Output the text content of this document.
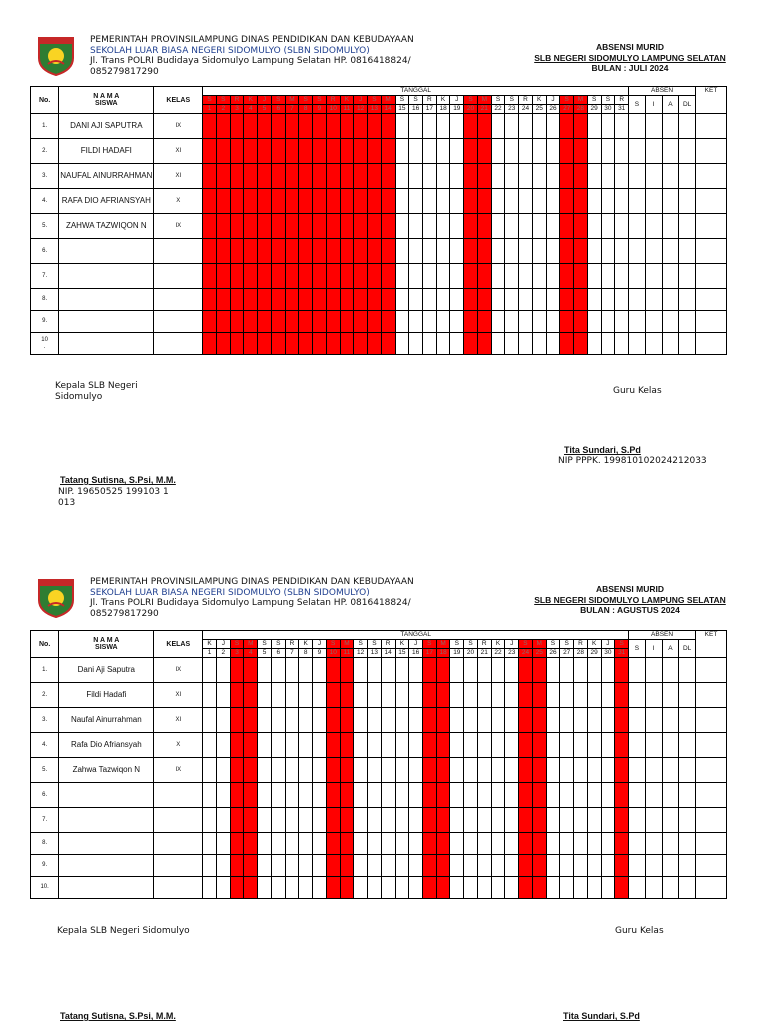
PEMERINTAH PROVINSILAMPUNG DINAS PENDIDIKAN DAN KEBUDAYAAN
SEKOLAH LUAR BIASA NEGERI SIDOMULYO (SLBN SIDOMULYO)
Jl. Trans POLRI Budidaya Sidomulyo Lampung Selatan HP. 0816418824/
085279817290
ABSENSI MURID
SLB NEGERI SIDOMULYO LAMPUNG SELATAN
BULAN : JULI 2024
No.	N A M A
SISWA	KELAS	TANGGAL																															ABSEN				KET
			S	S	R	K	J	S	M	S	S	R	K	J	S	M	S	S	R	K	J	S	M	S	S	R	K	J	S	M	S	S	R	S	I	A	DL	
			1	2	3	4	5	6	7	8	9	10	11	12	13	14	15	16	17	18	19	20	21	22	23	24	25	26	27	28	29	30	31					
1.	DANI AJI SAPUTRA	IX																																				
2.	FILDI HADAFI	XI																																				
3.	NAUFAL AINURRAHMAN	XI																																				
4.	RAFA DIO AFRIANSYAH	X																																				
5.	ZAHWA TAZWIQON N	IX																																				
6.																																						
7.																																						
8.																																						
9.																																						
10
.																																						
Kepala SLB Negeri
Sidomulyo
Guru Kelas
Tita Sundari, S.Pd
NIP PPPK. 199810102024212033
Tatang Sutisna, S.Psi, M.M.
NIP. 19650525 199103 1
013
PEMERINTAH PROVINSILAMPUNG DINAS PENDIDIKAN DAN KEBUDAYAAN
SEKOLAH LUAR BIASA NEGERI SIDOMULYO (SLBN SIDOMULYO)
Jl. Trans POLRI Budidaya Sidomulyo Lampung Selatan HP. 0816418824/
085279817290
ABSENSI MURID
SLB NEGERI SIDOMULYO LAMPUNG SELATAN
BULAN : AGUSTUS 2024
No.	N A M A
SISWA	KELAS	TANGGAL																															ABSEN				KET
			K	J	S	M	S	S	R	K	J	S	M	S	S	R	K	J	S	M	S	S	R	K	J	S	M	S	S	R	K	J	S	S	I	A	DL	
			1	2	3	4	5	6	7	8	9	10	11	12	13	14	15	16	17	18	19	20	21	22	23	24	25	26	27	28	29	30	31					
1.	Dani Aji Saputra	IX																																				
2.	Fildi Hadafi	XI																																				
3.	Naufal Ainurrahman	XI																																				
4.	Rafa Dio Afriansyah	X																																				
5.	Zahwa Tazwiqon N	IX																																				
6.																																						
7.																																						
8.																																						
9.																																						
10.																																						
Kepala SLB Negeri Sidomulyo	Guru Kelas
Tatang Sutisna, S.Psi, M.M.	Tita Sundari, S.Pd
